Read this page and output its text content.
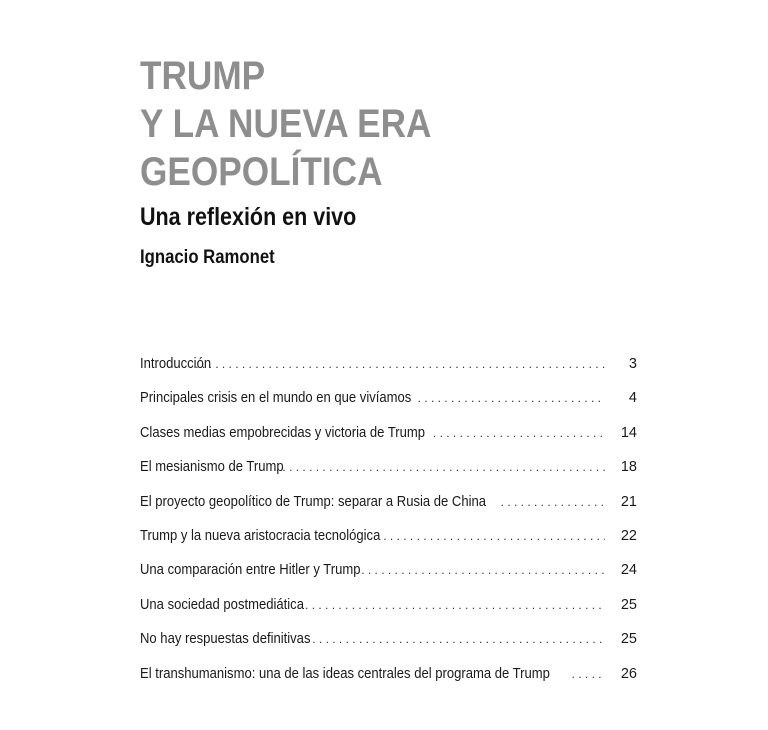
TRUMP
Y LA NUEVA ERA
GEOPOLÍTICA
Una reflexión en vivo

Ignacio Ramonet

Introducción . . .	3
Principales crisis en el mundo en que vivíamos . . .	4
Clases medias empobrecidas y victoria de Trump . . .	14
El mesianismo de Trump . . .	18
El proyecto geopolítico de Trump: separar a Rusia de China . . .	21
Trump y la nueva aristocracia tecnológica . . .	22
Una comparación entre Hitler y Trump . . .	24
Una sociedad postmediática . . .	25
No hay respuestas definitivas . . .	25
El transhumanismo: una de las ideas centrales del programa de Trump . . .	26
